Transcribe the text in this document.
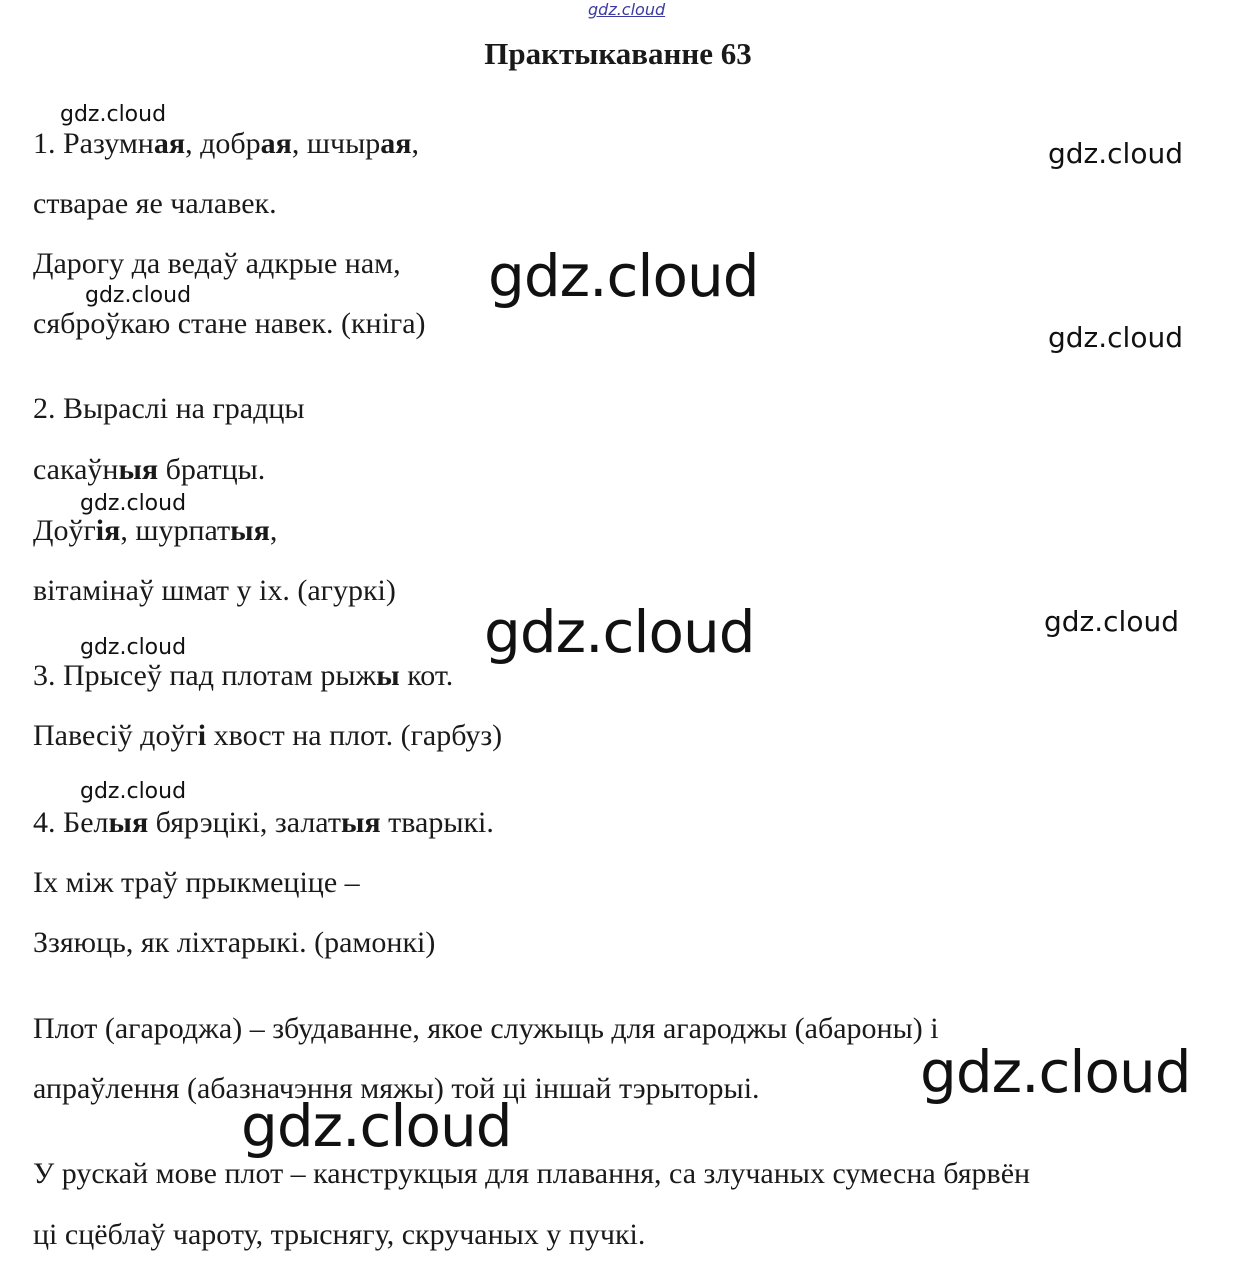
gdz.cloud
Практыкаванне 63
1. Разумная, добрая, шчырая,
стварае яе чалавек.
Дарогу да ведаў адкрые нам,
сяброўкаю стане навек. (кніга)
2. Выраслі на градцы
сакаўныя братцы.
Доўгія, шурпатыя,
вітамінаў шмат у іх. (агуркі)
3. Прысеў пад плотам рыжы кот.
Павесіў доўгі хвост на плот. (гарбуз)
4. Белыя бярэцікі, залатыя тварыкі.
Іх між траў прыкмеціце –
Ззяюць, як ліхтарыкі. (рамонкі)
Плот (агароджа) – збудаванне, якое служыць для агароджы (абароны) і
апраўлення (абазначэння мяжы) той ці іншай тэрыторыі.
У рускай мове плот – канструкцыя для плавання, са злучаных сумесна бярвён
ці сцёблаў чароту, трыснягу, скручаных у пучкі.
gdz.cloud
gdz.cloud
gdz.cloud
gdz.cloud
gdz.cloud
gdz.cloud
gdz.cloud
gdz.cloud
gdz.cloud
gdz.cloud
gdz.cloud
gdz.cloud
